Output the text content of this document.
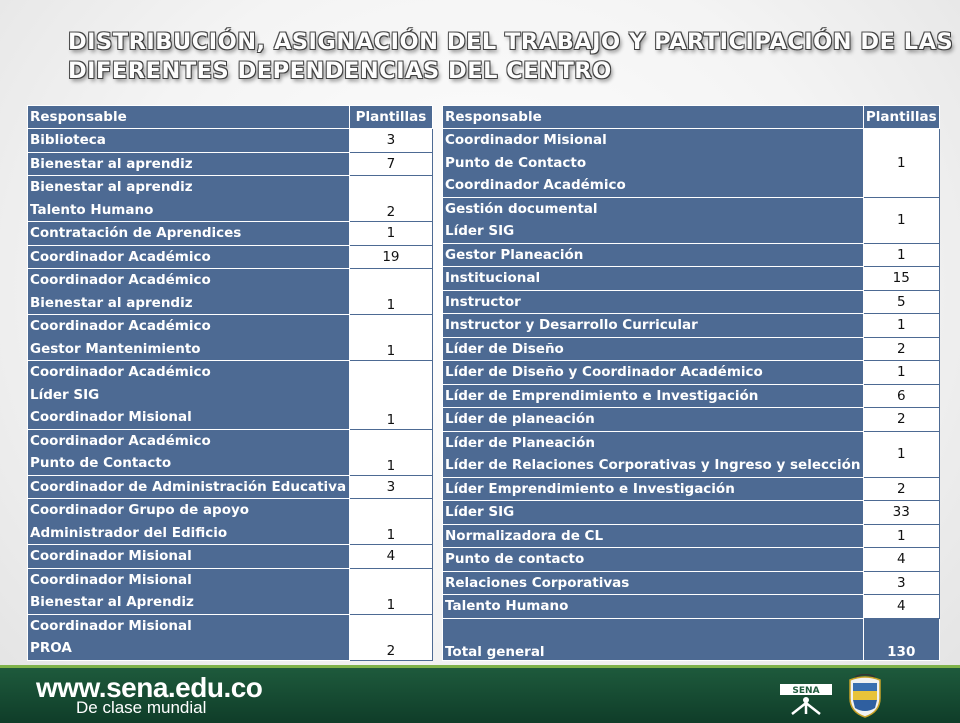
DISTRIBUCIÓN, ASIGNACIÓN DEL TRABAJO Y PARTICIPACIÓN DE LAS
DIFERENTES DEPENDENCIAS DEL CENTRO
Responsable	Plantillas

Biblioteca	3

Bienestar al aprendiz	7

Bienestar al aprendiz
Talento Humano	2

Contratación de Aprendices	1

Coordinador Académico	19

Coordinador Académico
Bienestar al aprendiz	1

Coordinador Académico
Gestor Mantenimiento	1

Coordinador Académico
Líder SIG
Coordinador Misional	1

Coordinador Académico
Punto de Contacto	1

Coordinador de Administración Educativa	3

Coordinador Grupo de apoyo
Administrador del Edificio	1

Coordinador Misional	4

Coordinador Misional
Bienestar al Aprendiz	1

Coordinador Misional
PROA	2
Responsable	Plantillas

Coordinador Misional
Punto de Contacto
Coordinador Académico	1

Gestión documental
Líder SIG	1

Gestor Planeación	1

Institucional	15

Instructor	5

Instructor y Desarrollo Curricular	1

Líder de Diseño	2

Líder de Diseño y Coordinador Académico	1

Líder de Emprendimiento e Investigación	6

Líder de planeación	2

Líder de Planeación
Líder de Relaciones Corporativas y Ingreso y selección	1

Líder Emprendimiento e Investigación	2

Líder SIG	33

Normalizadora de CL	1

Punto de contacto	4

Relaciones Corporativas	3

Talento Humano	4
Total general	130
www.sena.edu.co
De clase mundial
SENA
